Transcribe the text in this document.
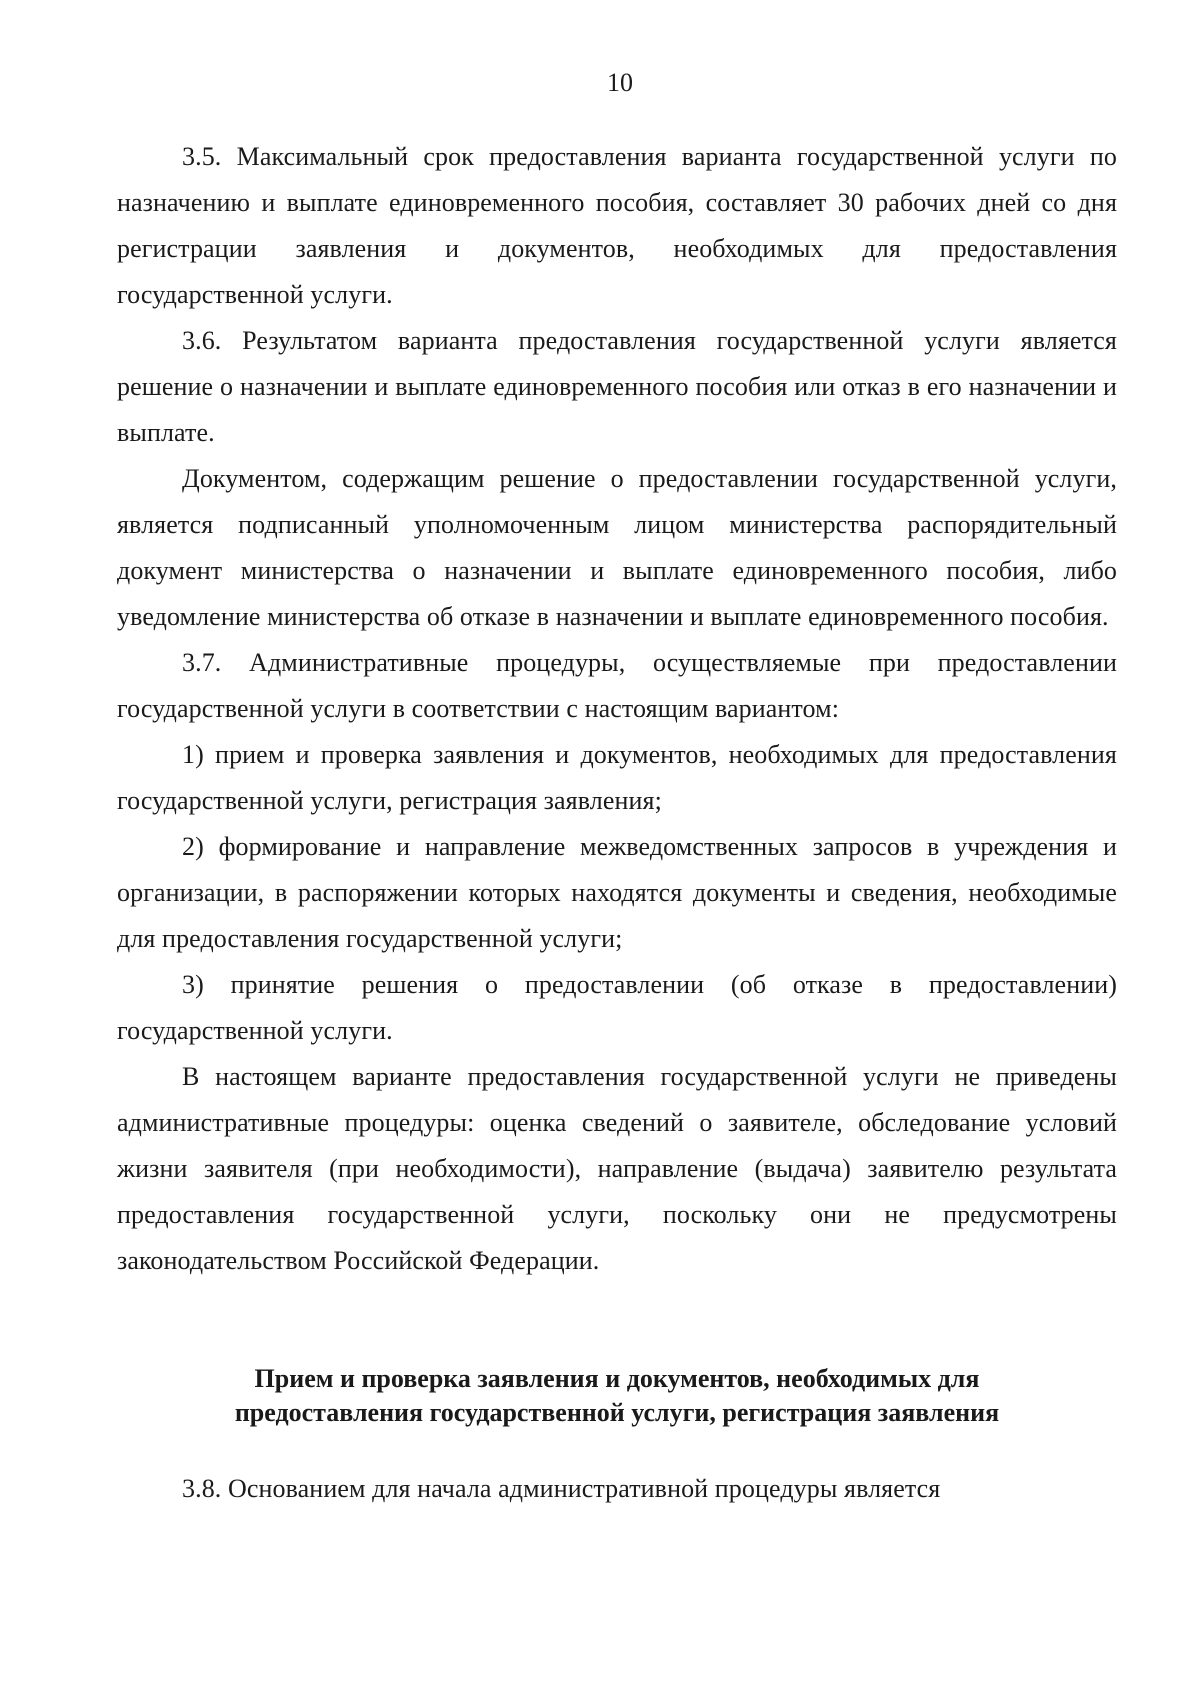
10

3.5. Максимальный срок предоставления варианта государственной услуги по назначению и выплате единовременного пособия, составляет 30 рабочих дней со дня регистрации заявления и документов, необходимых для предоставления государственной услуги.

3.6. Результатом варианта предоставления государственной услуги является решение о назначении и выплате единовременного пособия или отказ в его назначении и выплате.

Документом, содержащим решение о предоставлении государственной услуги, является подписанный уполномоченным лицом министерства распорядительный документ министерства о назначении и выплате единовременного пособия, либо уведомление министерства об отказе в назначении и выплате единовременного пособия.

3.7. Административные процедуры, осуществляемые при предоставлении государственной услуги в соответствии с настоящим вариантом:

1) прием и проверка заявления и документов, необходимых для предоставления государственной услуги, регистрация заявления;

2) формирование и направление межведомственных запросов в учреждения и организации, в распоряжении которых находятся документы и сведения, необходимые для предоставления государственной услуги;

3) принятие решения о предоставлении (об отказе в предоставлении) государственной услуги.

В настоящем варианте предоставления государственной услуги не приведены административные процедуры: оценка сведений о заявителе, обследование условий жизни заявителя (при необходимости), направление (выдача) заявителю результата предоставления государственной услуги, поскольку они не предусмотрены законодательством Российской Федерации.

Прием и проверка заявления и документов, необходимых для
предоставления государственной услуги, регистрация заявления

3.8. Основанием для начала административной процедуры является
